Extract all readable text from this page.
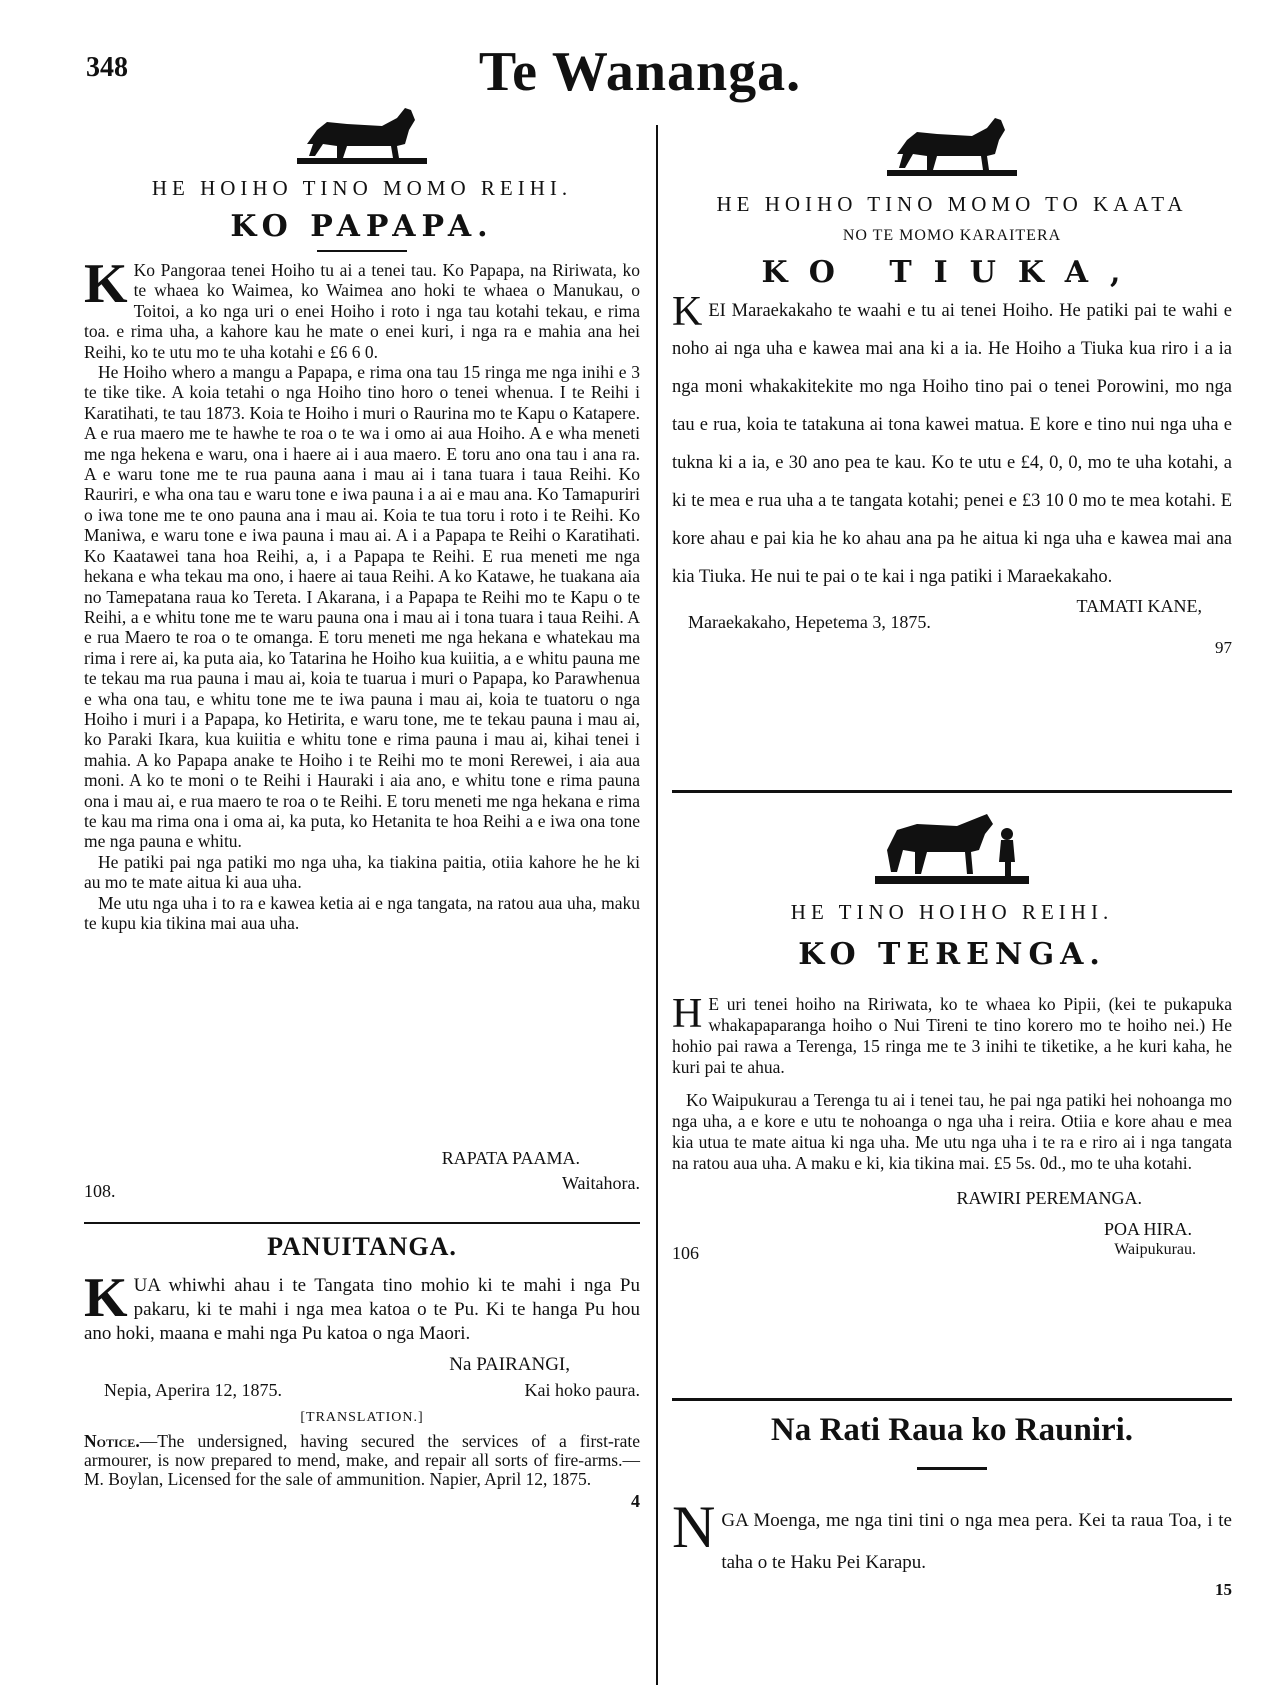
348	Te Wananga.
HE HOIHO TINO MOMO REIHI.
KO PAPAPA.
K Ko Pangoraa tenei Hoiho tu ai a tenei tau. Ko Papapa, na Ririwata, ko te whaea ko Waimea, ko Waimea ano hoki te whaea o Manukau, o Toitoi, a ko nga uri o enei Hoiho i roto i nga tau kotahi tekau, e rima toa. e rima uha, a kahore kau he mate o enei kuri, i nga ra e mahia ana hei Reihi, ko te utu mo te uha kotahi e £6 6 0.

He Hoiho whero a mangu a Papapa, e rima ona tau 15 ringa me nga inihi e 3 te tike tike. A koia tetahi o nga Hoiho tino horo o tenei whenua. I te Reihi i Karatihati, te tau 1873. Koia te Hoiho i muri o Raurina mo te Kapu o Katapere. A e rua maero me te hawhe te roa o te wa i omo ai aua Hoiho. A e wha meneti me nga hekena e waru, ona i haere ai i aua maero. E toru ano ona tau i ana ra. A e waru tone me te rua pauna aana i mau ai i tana tuara i taua Reihi. Ko Rauriri, e wha ona tau e waru tone e iwa pauna i a ai e mau ana. Ko Tamapuriri o iwa tone me te ono pauna ana i mau ai. Koia te tua toru i roto i te Reihi. Ko Maniwa, e waru tone e iwa pauna i mau ai. A i a Papapa te Reihi o Karatihati. Ko Kaatawei tana hoa Reihi, a, i a Papapa te Reihi. E rua meneti me nga hekana e wha tekau ma ono, i haere ai taua Reihi. A ko Katawe, he tuakana aia no Tamepatana raua ko Tereta. I Akarana, i a Papapa te Reihi mo te Kapu o te Reihi, a e whitu tone me te waru pauna ona i mau ai i tona tuara i taua Reihi. A e rua Maero te roa o te omanga. E toru meneti me nga hekana e whatekau ma rima i rere ai, ka puta aia, ko Tatarina he Hoiho kua kuiitia, a e whitu pauna me te tekau ma rua pauna i mau ai, koia te tuarua i muri o Papapa, ko Parawhenua e wha ona tau, e whitu tone me te iwa pauna i mau ai, koia te tuatoru o nga Hoiho i muri i a Papapa, ko Hetirita, e waru tone, me te tekau pauna i mau ai, ko Paraki Ikara, kua kuiitia e whitu tone e rima pauna i mau ai, kihai tenei i mahia. A ko Papapa anake te Hoiho i te Reihi mo te moni Rerewei, i aia aua moni. A ko te moni o te Reihi i Hauraki i aia ano, e whitu tone e rima pauna ona i mau ai, e rua maero te roa o te Reihi. E toru meneti me nga hekana e rima te kau ma rima ona i oma ai, ka puta, ko Hetanita te hoa Reihi a e iwa ona tone me nga pauna e whitu.

He patiki pai nga patiki mo nga uha, ka tiakina paitia, otiia kahore he he ki au mo te mate aitua ki aua uha.

Me utu nga uha i to ra e kawea ketia ai e nga tangata, na ratou aua uha, maku te kupu kia tikina mai aua uha.

RAPATA PAAMA.
108.	Waitahora.
PANUITANGA.
K UA whiwhi ahau i te Tangata tino mohio ki te mahi i nga Pu pakaru, ki te mahi i nga mea katoa o te Pu. Ki te hanga Pu hou ano hoki, maana e mahi nga Pu katoa o nga Maori.

Na PAIRANGI,
Nepia, Aperira 12, 1875.	Kai hoko paura.
[TRANSLATION.]
Notice.—The undersigned, having secured the services of a first-rate armourer, is now prepared to mend, make, and repair all sorts of fire-arms.—M. Boylan, Licensed for the sale of ammunition. Napier, April 12, 1875.
4
HE HOIHO TINO MOMO TO KAATA
NO TE MOMO KARAITERA
KO TIUKA,
K EI Maraekakaho te waahi e tu ai tenei Hoiho. He patiki pai te wahi e noho ai nga uha e kawea mai ana ki a ia. He Hoiho a Tiuka kua riro i a ia nga moni whakakitekite mo nga Hoiho tino pai o tenei Porowini, mo nga tau e rua, koia te tatakuna ai tona kawei matua. E kore e tino nui nga uha e tukna ki a ia, e 30 ano pea te kau. Ko te utu e £4, 0, 0, mo te uha kotahi, a ki te mea e rua uha a te tangata kotahi; penei e £3 10 0 mo te mea kotahi. E kore ahau e pai kia he ko ahau ana pa he aitua ki nga uha e kawea mai ana kia Tiuka. He nui te pai o te kai i nga patiki i Maraekakaho.

TAMATI KANE,
Maraekakaho, Hepetema 3, 1875.
97
HE TINO HOIHO REIHI.
KO TERENGA.
H E uri tenei hoiho na Ririwata, ko te whaea ko Pipii, (kei te pukapuka whakapaparanga hoiho o Nui Tireni te tino korero mo te hoiho nei.) He hohio pai rawa a Terenga, 15 ringa me te 3 inihi te tiketike, a he kuri kaha, he kuri pai te ahua.

Ko Waipukurau a Terenga tu ai i tenei tau, he pai nga patiki hei nohoanga mo nga uha, a e kore e utu te nohoanga o nga uha i reira. Otiia e kore ahau e mea kia utua te mate aitua ki nga uha. Me utu nga uha i te ra e riro ai i nga tangata na ratou aua uha. A maku e ki, kia tikina mai. £5 5s. 0d., mo te uha kotahi.

RAWIRI PEREMANGA.
POA HIRA.
106	Waipukurau.
Na Rati Raua ko Rauniri.
N GA Moenga, me nga tini tini o nga mea pera. Kei ta raua Toa, i te taha o te Haku Pei Karapu.

15
